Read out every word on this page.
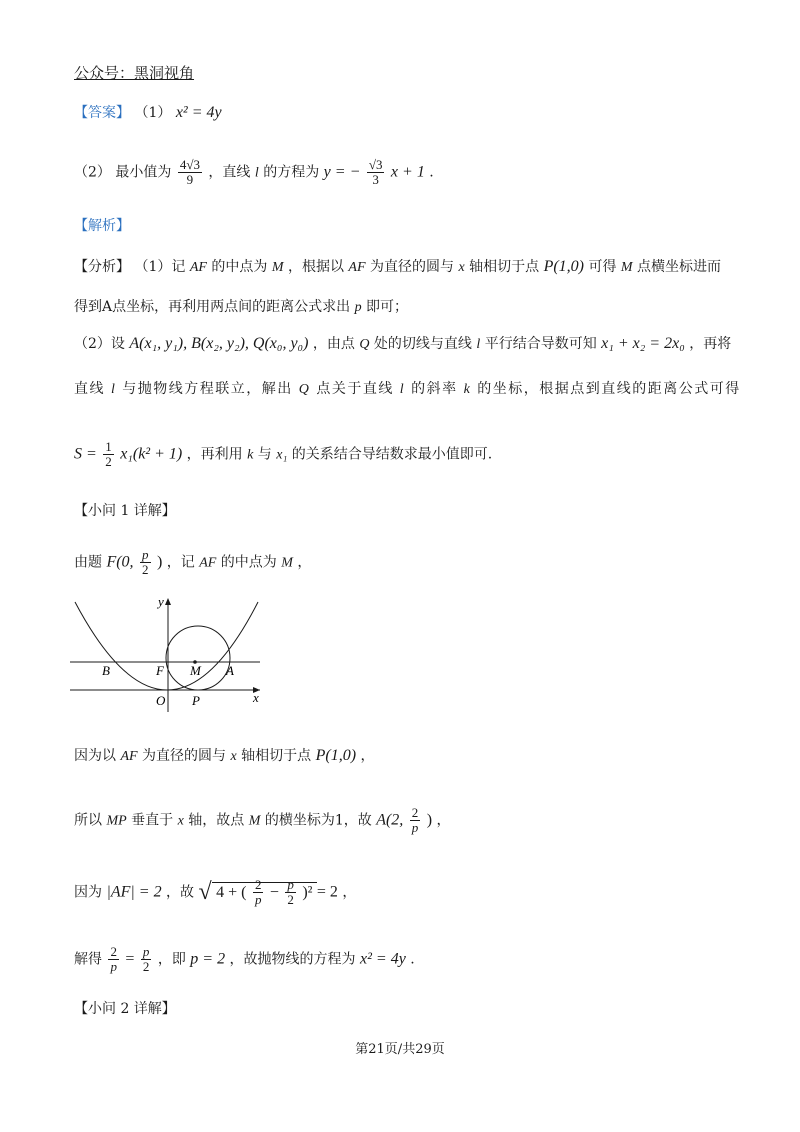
公众号：黑洞视角
【答案】 （1） x² = 4y
（2） 最小值为 $\frac{4√3}{9}$ ，直线 l 的方程为 y = − $\frac{√3}{3}$ x + 1 .
【解析】
【分析】 （1）记 AF 的中点为 M ，根据以 AF 为直径的圆与 x 轴相切于点 P(1,0) 可得 M 点横坐标进而
得到A点坐标，再利用两点间的距离公式求出 p 即可；
（2）设 A(x₁, y₁), B(x₂, y₂), Q(x₀, y₀) ，由点 Q 处的切线与直线 l 平行结合导数可知 x₁ + x₂ = 2x₀ ，再将
直线 l 与抛物线方程联立，解出 Q 点关于直线 l 的斜率 k 的坐标，根据点到直线的距离公式可得
$S = \frac{1}{2} x_1(k^2 + 1)$ ，再利用 k 与 x₁ 的关系结合导结数求最小值即可.
【小问 1 详解】
由题 F(0, $\frac{p}{2}$ ) ，记 AF 的中点为 M ，
y
x
B	F M A
O P
因为以 AF 为直径的圆与 x 轴相切于点 P(1,0) ，
所以 MP 垂直于 x 轴，故点 M 的横坐标为1，故 A(2, $\frac{2}{p}$ ) ，
因为 |AF| = 2 ，故 √ 4 + ( $\frac{2}{p} - \frac{p}{2} )^2 = 2$ ，
解得 $\frac{2}{p} = \frac{p}{2}$ ，即 p = 2 ，故抛物线的方程为 x² = 4y .
【小问 2 详解】
第21页/共29页
